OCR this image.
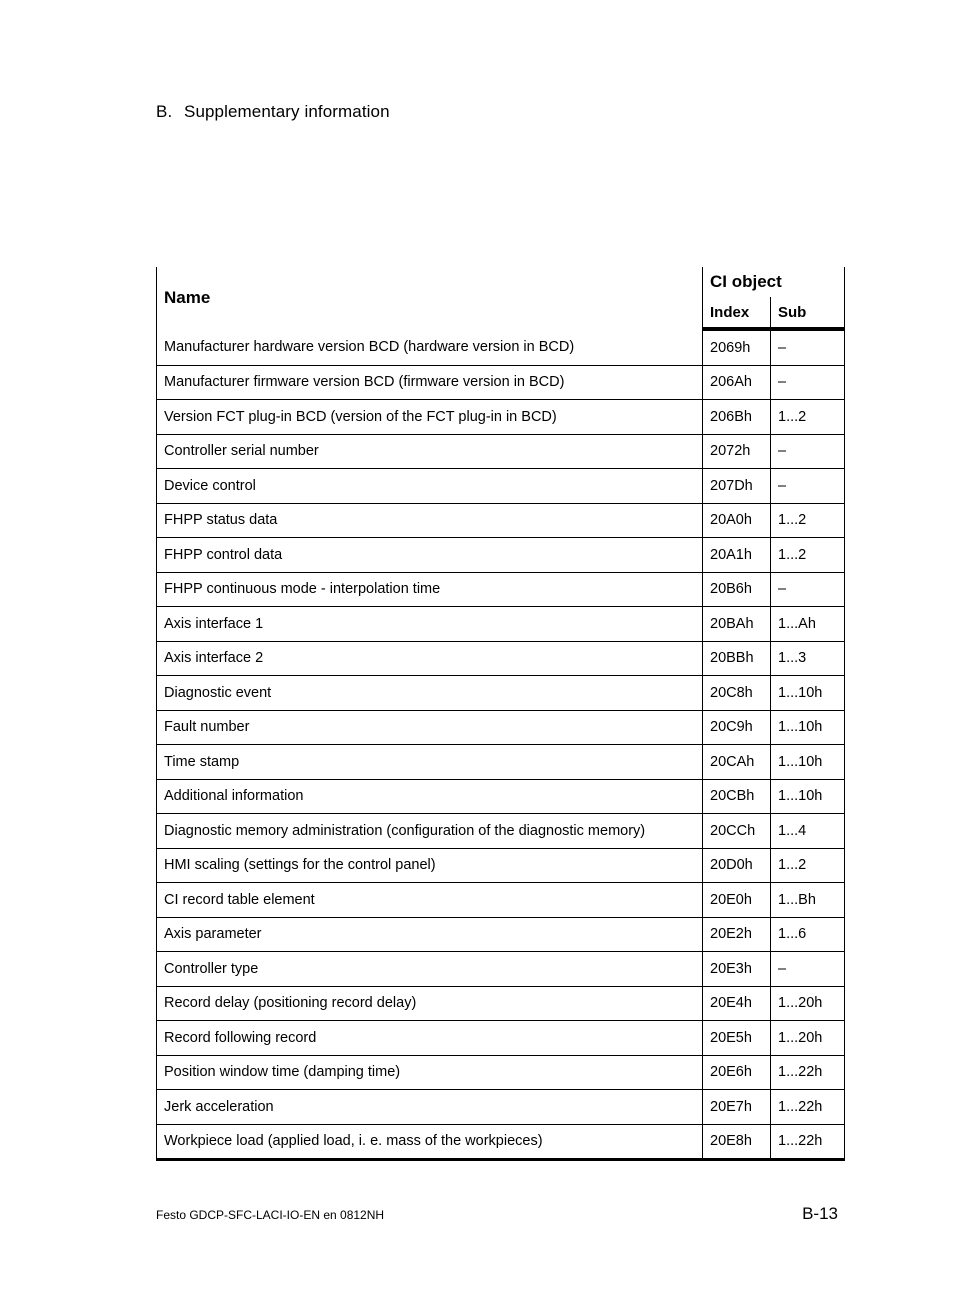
B. Supplementary information
Name	CI object	
	Index	Sub
Manufacturer hardware version BCD (hardware version in BCD)	2069h	–
Manufacturer firmware version BCD (firmware version in BCD)	206Ah	–
Version FCT plug-in BCD (version of the FCT plug-in in BCD)	206Bh	1...2
Controller serial number	2072h	–
Device control	207Dh	–
FHPP status data	20A0h	1...2
FHPP control data	20A1h	1...2
FHPP continuous mode - interpolation time	20B6h	–
Axis interface 1	20BAh	1...Ah
Axis interface 2	20BBh	1...3
Diagnostic event	20C8h	1...10h
Fault number	20C9h	1...10h
Time stamp	20CAh	1...10h
Additional information	20CBh	1...10h
Diagnostic memory administration (configuration of the diagnostic memory)	20CCh	1...4
HMI scaling (settings for the control panel)	20D0h	1...2
CI record table element	20E0h	1...Bh
Axis parameter	20E2h	1...6
Controller type	20E3h	–
Record delay (positioning record delay)	20E4h	1...20h
Record following record	20E5h	1...20h
Position window time (damping time)	20E6h	1...22h
Jerk acceleration	20E7h	1...22h
Workpiece load (applied load, i. e. mass of the workpieces)	20E8h	1...22h
Festo GDCP-SFC-LACI-IO-EN en 0812NH	B-13
